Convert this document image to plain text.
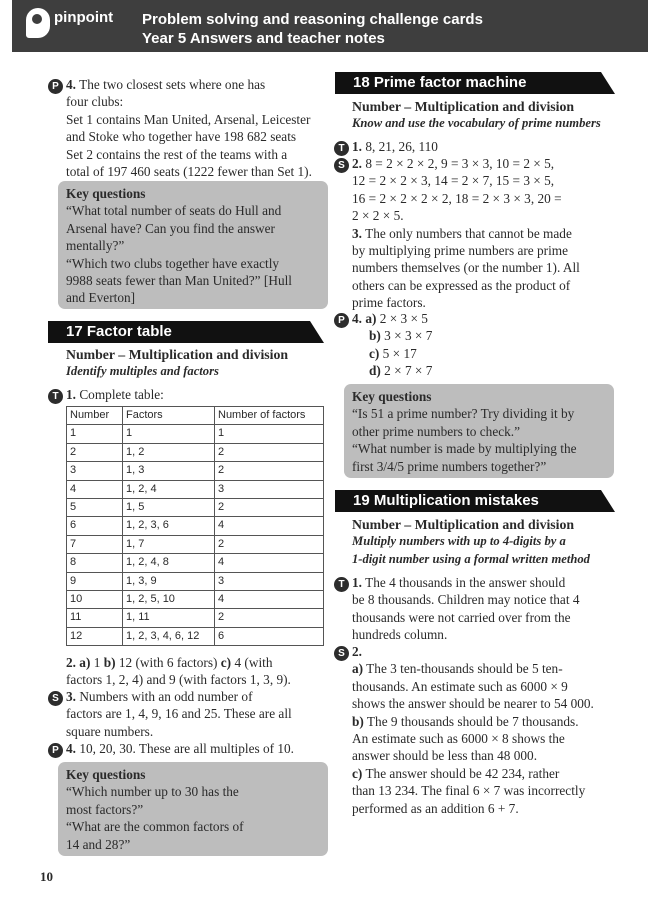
pinpoint Problem solving and reasoning challenge cards
Year 5 Answers and teacher notes
P 4. The two closest sets where one has

four clubs:

Set 1 contains Man United, Arsenal, Leicester

and Stoke who together have 198 682 seats

Set 2 contains the rest of the teams with a

total of 197 460 seats (1222 fewer than Set 1).

Key questions

“What total number of seats do Hull and

Arsenal have? Can you find the answer

mentally?”

“Which two clubs together have exactly

9988 seats fewer than Man United?” [Hull

and Everton]

17 Factor table

Number – Multiplication and division

Identify multiples and factors

T 1. Complete table:

Number	Factors	Number of factors
1	1	1
2	1, 2	2
3	1, 3	2
4	1, 2, 4	3
5	1, 5	2
6	1, 2, 3, 6	4
7	1, 7	2
8	1, 2, 4, 8	4
9	1, 3, 9	3
10	1, 2, 5, 10	4
11	1, 11	2
12	1, 2, 3, 4, 6, 12	6

2. a) 1 b) 12 (with 6 factors) c) 4 (with

factors 1, 2, 4) and 9 (with factors 1, 3, 9).

S 3. Numbers with an odd number of

factors are 1, 4, 9, 16 and 25. These are all

square numbers.

P 4. 10, 20, 30. These are all multiples of 10.

Key questions

“Which number up to 30 has the

most factors?”

“What are the common factors of

14 and 28?”

10
18 Prime factor machine

Number – Multiplication and division

Know and use the vocabulary of prime numbers

T 1. 8, 21, 26, 110

S 2. 8 = 2 × 2 × 2, 9 = 3 × 3, 10 = 2 × 5,

12 = 2 × 2 × 3, 14 = 2 × 7, 15 = 3 × 5,

16 = 2 × 2 × 2 × 2, 18 = 2 × 3 × 3, 20 =

2 × 2 × 5.

3. The only numbers that cannot be made

by multiplying prime numbers are prime

numbers themselves (or the number 1). All

others can be expressed as the product of

prime factors.

P 4. a) 2 × 3 × 5

b) 3 × 3 × 7

c) 5 × 17

d) 2 × 7 × 7

Key questions

“Is 51 a prime number? Try dividing it by

other prime numbers to check.”

“What number is made by multiplying the

first 3/4/5 prime numbers together?”

19 Multiplication mistakes

Number – Multiplication and division

Multiply numbers with up to 4-digits by a

1-digit number using a formal written method

T 1. The 4 thousands in the answer should

be 8 thousands. Children may notice that 4

thousands were not carried over from the

hundreds column.

S 2.

a) The 3 ten-thousands should be 5 ten-

thousands. An estimate such as 6000 × 9

shows the answer should be nearer to 54 000.

b) The 9 thousands should be 7 thousands.

An estimate such as 6000 × 8 shows the

answer should be less than 48 000.

c) The answer should be 42 234, rather

than 13 234. The final 6 × 7 was incorrectly

performed as an addition 6 + 7.
